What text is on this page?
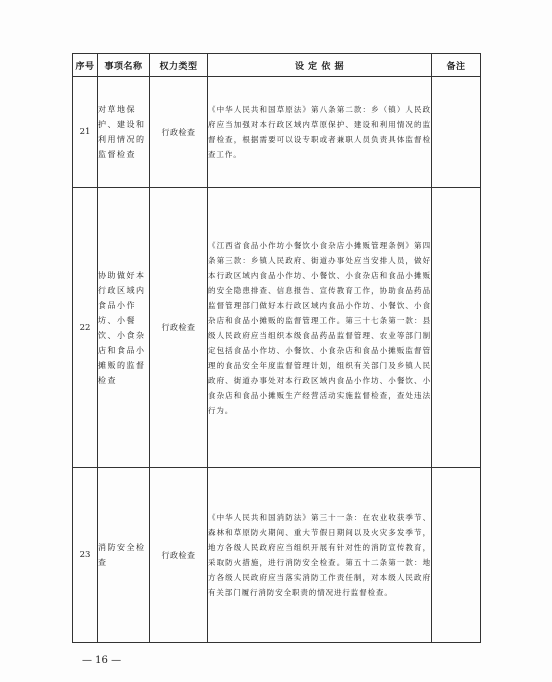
序号	事项名称	权力类型	设 定 依 据	备注
21	对草地保护、建设和利用情况的监督检查	行政检查	《中华人民共和国草原法》第八条第二款：乡（镇）人民政府应当加强对本行政区域内草原保护、建设和利用情况的监督检查，根据需要可以设专职或者兼职人员负责具体监督检查工作。	
22	协助做好本行政区域内食品小作坊、小餐饮、小食杂店和食品小摊贩的监督检查	行政检查	《江西省食品小作坊小餐饮小食杂店小摊贩管理条例》第四条第三款：乡镇人民政府、街道办事处应当安排人员，做好本行政区域内食品小作坊、小餐饮、小食杂店和食品小摊贩的安全隐患排查、信息报告、宣传教育工作，协助食品药品监督管理部门做好本行政区域内食品小作坊、小餐饮、小食杂店和食品小摊贩的监督管理工作。第三十七条第一款：县级人民政府应当组织本级食品药品监督管理、农业等部门制定包括食品小作坊、小餐饮、小食杂店和食品小摊贩监督管理的食品安全年度监督管理计划，组织有关部门及乡镇人民政府、街道办事处对本行政区域内食品小作坊、小餐饮、小食杂店和食品小摊贩生产经营活动实施监督检查，查处违法行为。	
23	消防安全检查	行政检查	《中华人民共和国消防法》第三十一条：在农业收获季节、森林和草原防火期间、重大节假日期间以及火灾多发季节，地方各级人民政府应当组织开展有针对性的消防宣传教育，采取防火措施，进行消防安全检查。第五十二条第一款：地方各级人民政府应当落实消防工作责任制，对本级人民政府有关部门履行消防安全职责的情况进行监督检查。	
— 16 —
